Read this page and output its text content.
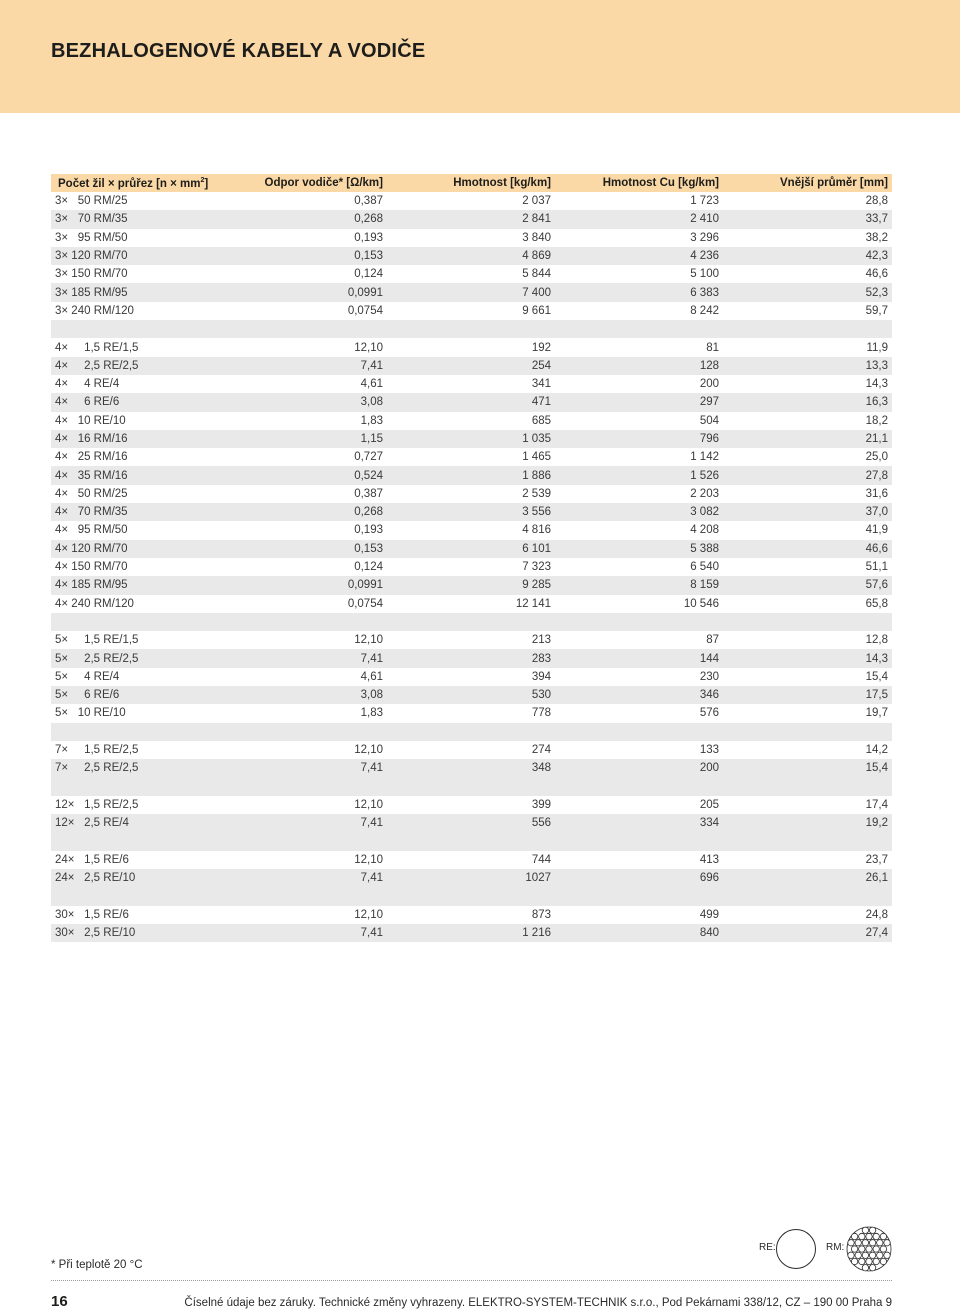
BEZHALOGENOVÉ KABELY A VODIČE
Počet žil × průřez $[n \times mm^2]$	Odpor vodiče* [Ω/km]	Hmotnost [kg/km]	Hmotnost Cu [kg/km]	Vnější průměr [mm]
3×   50 RM/25	0,387	2 037	1 723	28,8
3×   70 RM/35	0,268	2 841	2 410	33,7
3×   95 RM/50	0,193	3 840	3 296	38,2
3× 120 RM/70	0,153	4 869	4 236	42,3
3× 150 RM/70	0,124	5 844	5 100	46,6
3× 185 RM/95	0,0991	7 400	6 383	52,3
3× 240 RM/120	0,0754	9 661	8 242	59,7

4×     1,5 RE/1,5	12,10	192	81	11,9
4×     2,5 RE/2,5	7,41	254	128	13,3
4×     4 RE/4	4,61	341	200	14,3
4×     6 RE/6	3,08	471	297	16,3
4×   10 RE/10	1,83	685	504	18,2
4×   16 RM/16	1,15	1 035	796	21,1
4×   25 RM/16	0,727	1 465	1 142	25,0
4×   35 RM/16	0,524	1 886	1 526	27,8
4×   50 RM/25	0,387	2 539	2 203	31,6
4×   70 RM/35	0,268	3 556	3 082	37,0
4×   95 RM/50	0,193	4 816	4 208	41,9
4× 120 RM/70	0,153	6 101	5 388	46,6
4× 150 RM/70	0,124	7 323	6 540	51,1
4× 185 RM/95	0,0991	9 285	8 159	57,6
4× 240 RM/120	0,0754	12 141	10 546	65,8

5×     1,5 RE/1,5	12,10	213	87	12,8
5×     2,5 RE/2,5	7,41	283	144	14,3
5×     4 RE/4	4,61	394	230	15,4
5×     6 RE/6	3,08	530	346	17,5
5×   10 RE/10	1,83	778	576	19,7

7×     1,5 RE/2,5	12,10	274	133	14,2
7×     2,5 RE/2,5	7,41	348	200	15,4

12×   1,5 RE/2,5	12,10	399	205	17,4
12×   2,5 RE/4	7,41	556	334	19,2

24×   1,5 RE/6	12,10	744	413	23,7
24×   2,5 RE/10	7,41	1027	696	26,1

30×   1,5 RE/6	12,10	873	499	24,8
30×   2,5 RE/10	7,41	1 216	840	27,4
* Při teplotě 20 °C
RE:	RM:
16	Číselné údaje bez záruky. Technické změny vyhrazeny. ELEKTRO-SYSTEM-TECHNIK s.r.o., Pod Pekárnami 338/12, CZ – 190 00 Praha 9
